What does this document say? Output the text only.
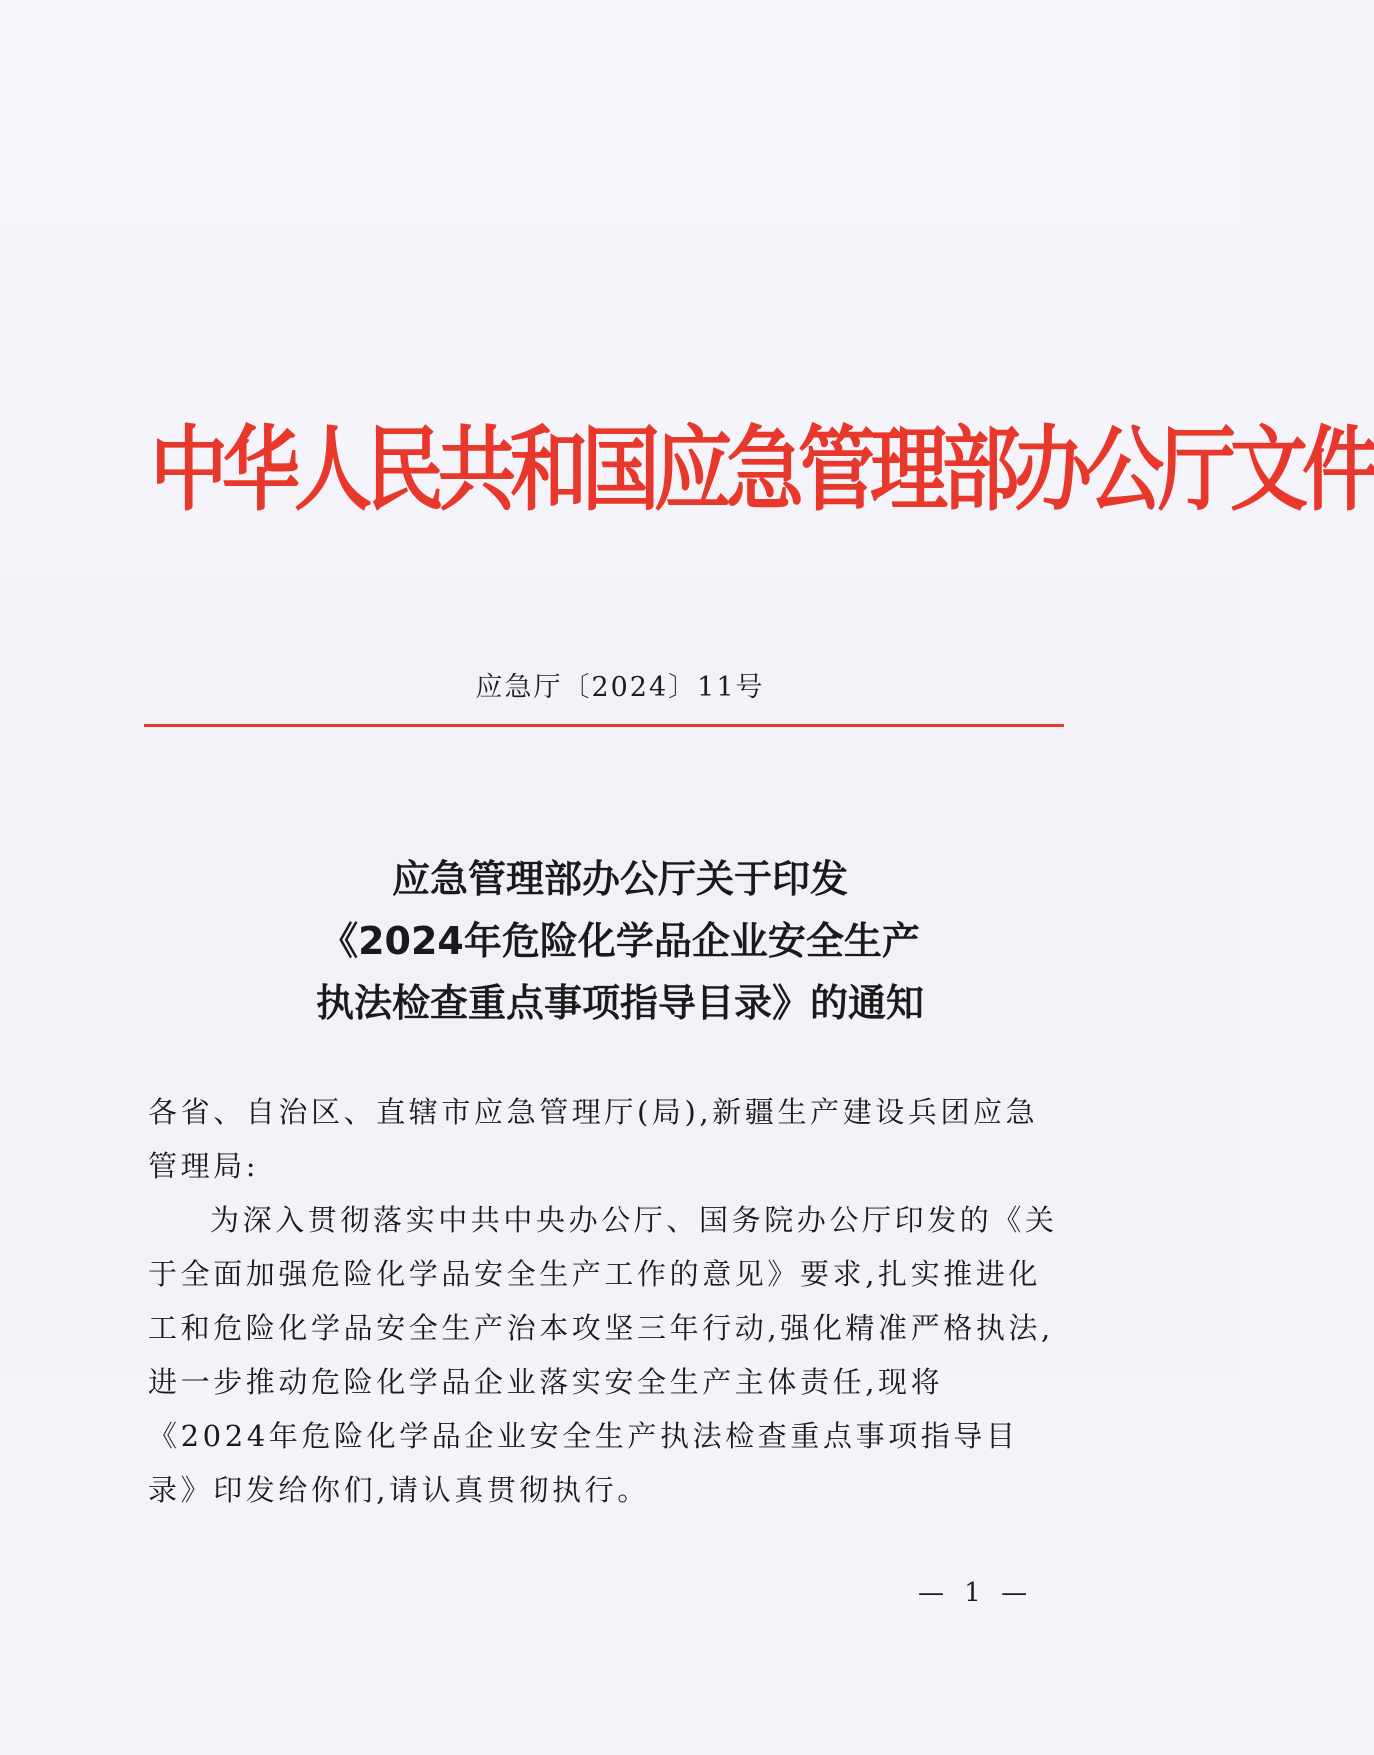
中华人民共和国应急管理部办公厅文件
应急厅〔2024〕11号
应急管理部办公厅关于印发
《2024年危险化学品企业安全生产
执法检查重点事项指导目录》的通知

各省、自治区、直辖市应急管理厅(局),新疆生产建设兵团应急管理局:

为深入贯彻落实中共中央办公厅、国务院办公厅印发的《关于全面加强危险化学品安全生产工作的意见》要求,扎实推进化工和危险化学品安全生产治本攻坚三年行动,强化精准严格执法,进一步推动危险化学品企业落实安全生产主体责任,现将《2024年危险化学品企业安全生产执法检查重点事项指导目录》印发给你们,请认真贯彻执行。

— 1 —
